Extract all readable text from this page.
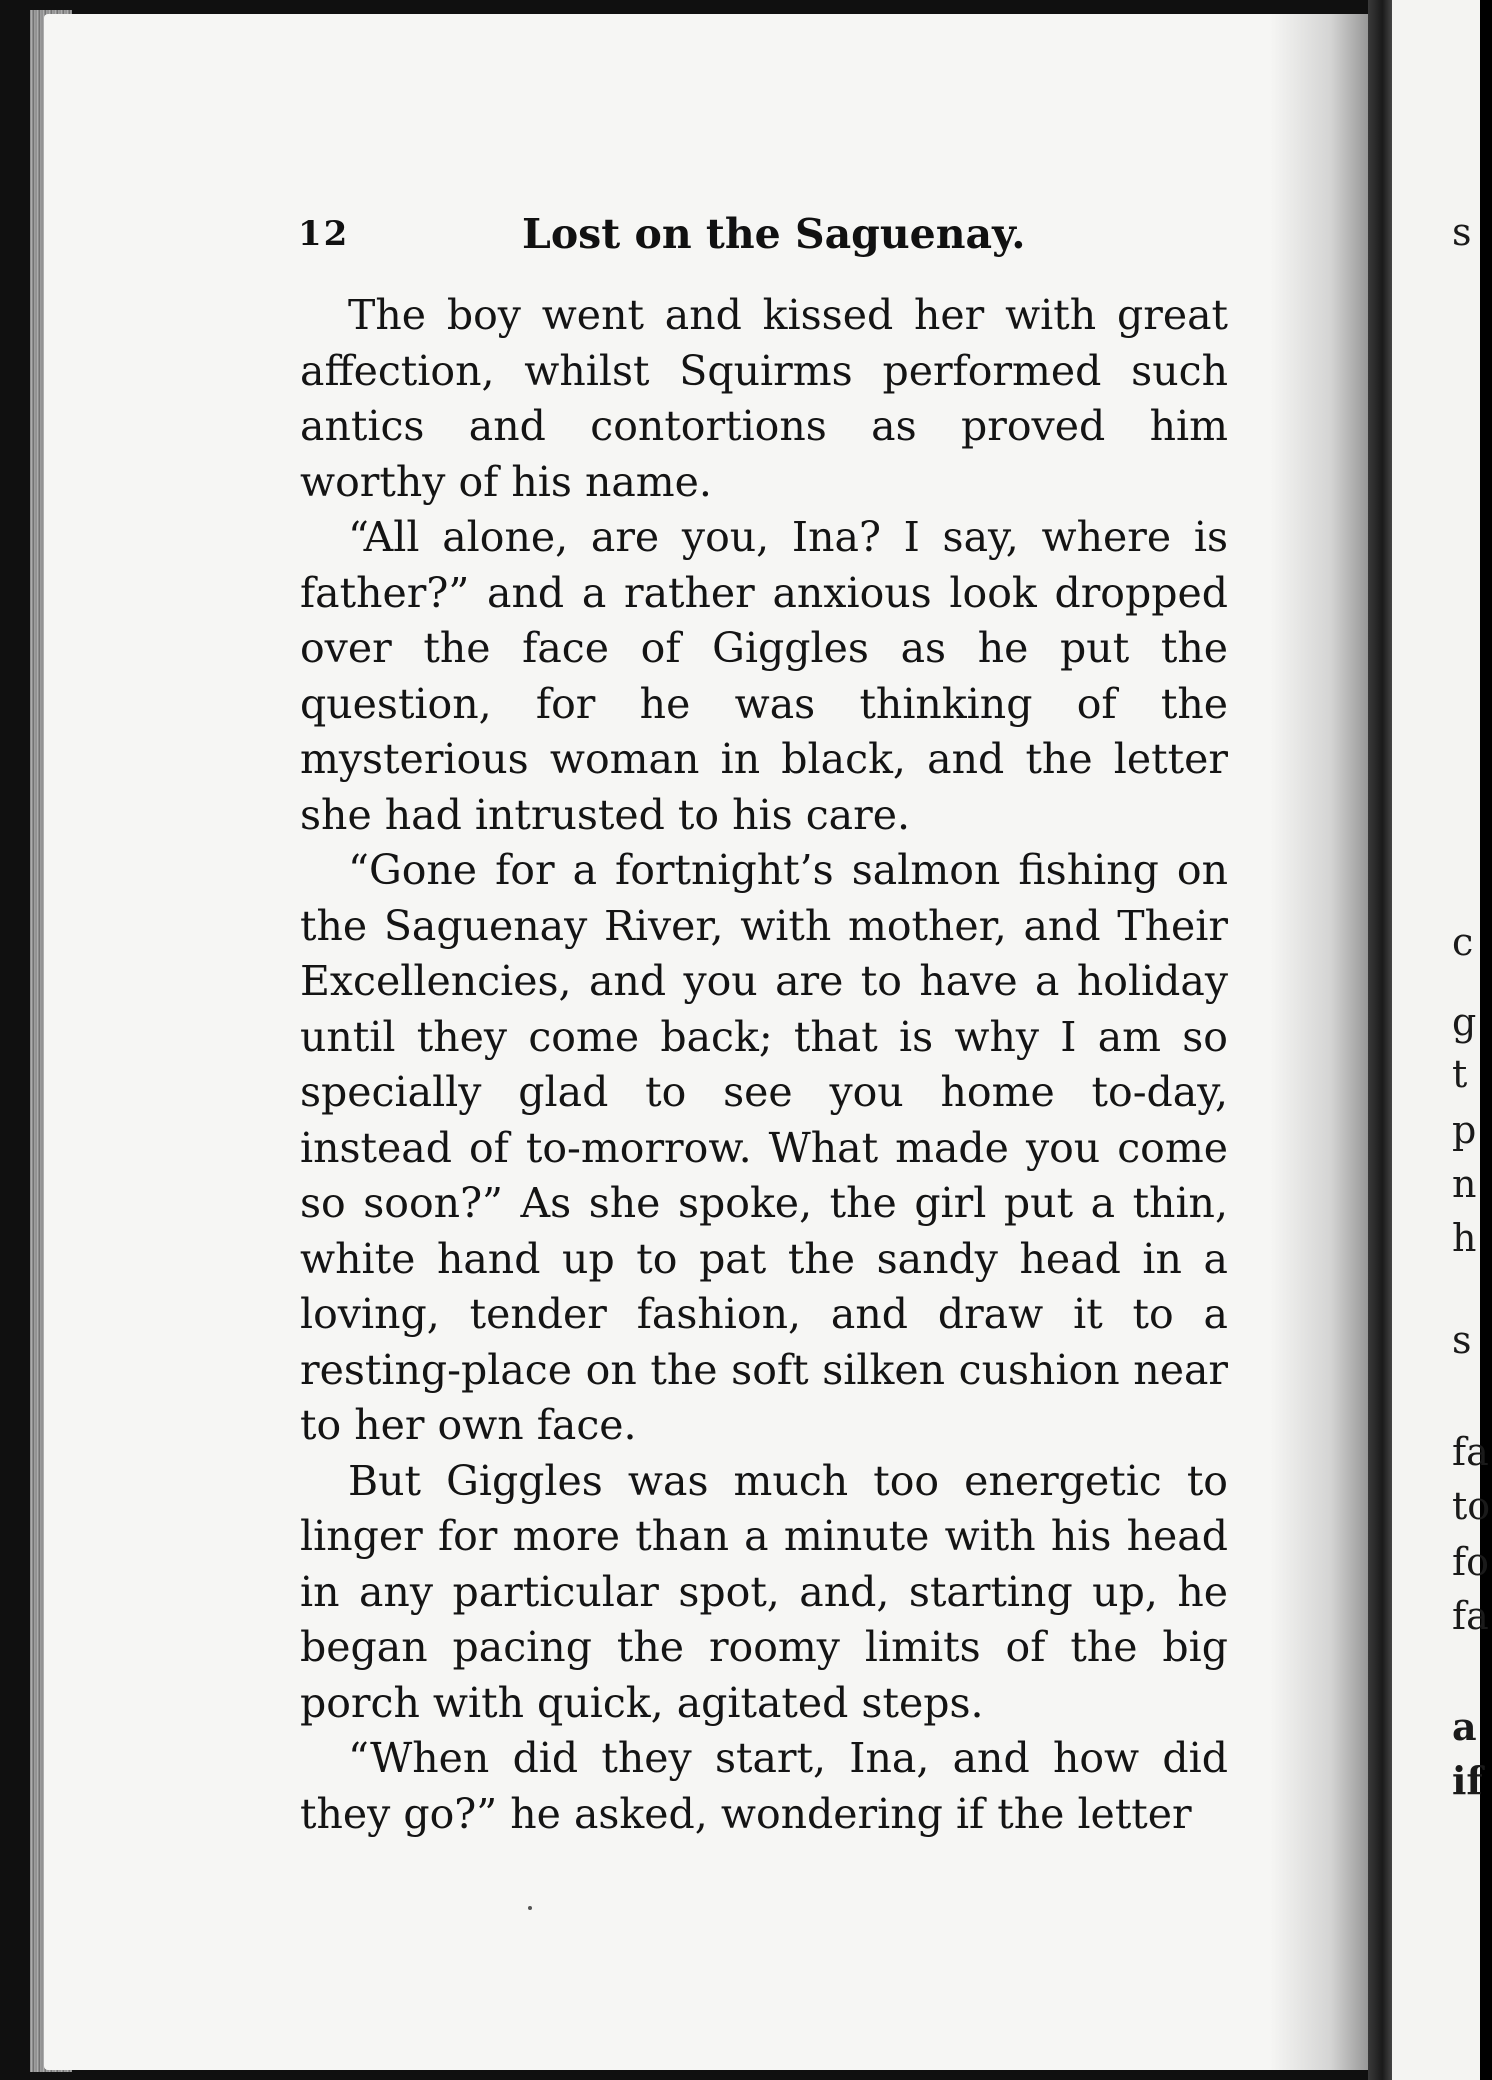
s
c
g
t
p
n
h
s
fa
to
fo
fa
a
if
12	Lost on the Saguenay.

The boy went and kissed her with great affection, whilst Squirms performed such antics and contortions as proved him worthy of his name.

“All alone, are you, Ina? I say, where is father?” and a rather anxious look dropped over the face of Giggles as he put the question, for he was thinking of the mysterious woman in black, and the letter she had intrusted to his care.

“Gone for a fortnight’s salmon fishing on the Saguenay River, with mother, and Their Excellencies, and you are to have a holiday until they come back; that is why I am so specially glad to see you home to-day, instead of to-morrow. What made you come so soon?” As she spoke, the girl put a thin, white hand up to pat the sandy head in a loving, tender fashion, and draw it to a resting-place on the soft silken cushion near to her own face.

But Giggles was much too energetic to linger for more than a minute with his head in any particular spot, and, starting up, he began pacing the roomy limits of the big porch with quick, agitated steps.

“When did they start, Ina, and how did they go?” he asked, wondering if the letter
